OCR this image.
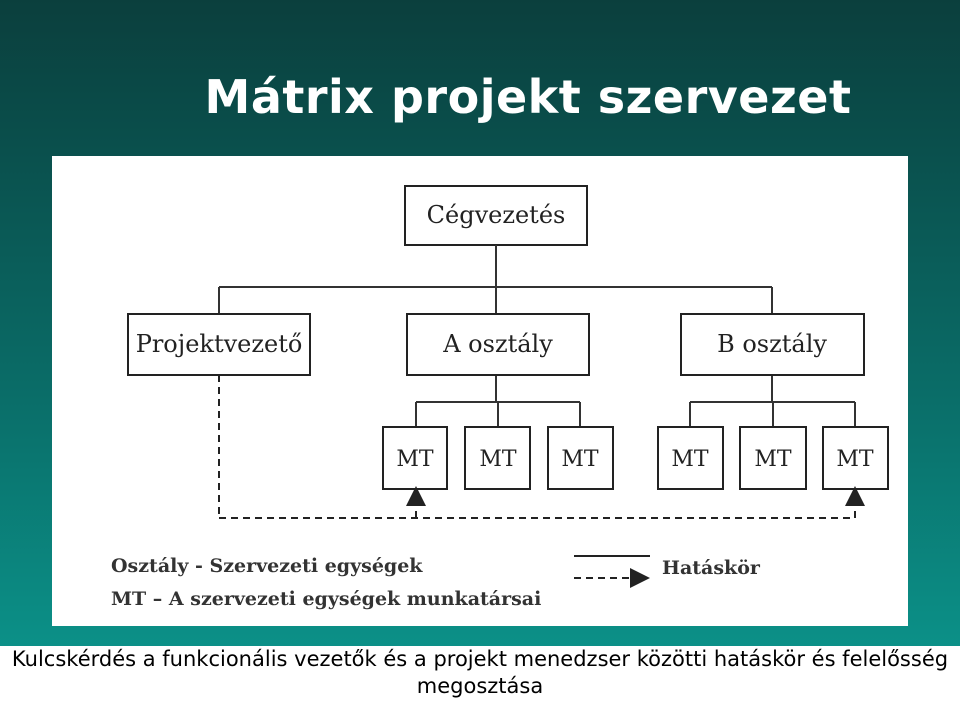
Mátrix projekt szervezet
Cégvezetés
Projektvezető	A osztály	B osztály
MT MT MT	MT MT MT
Osztály - Szervezeti egységek
MT – A szervezeti egységek munkatársai
Hatáskör
Kulcskérdés a funkcionális vezetők és a projekt menedzser közötti hatáskör és felelősség
megosztása
